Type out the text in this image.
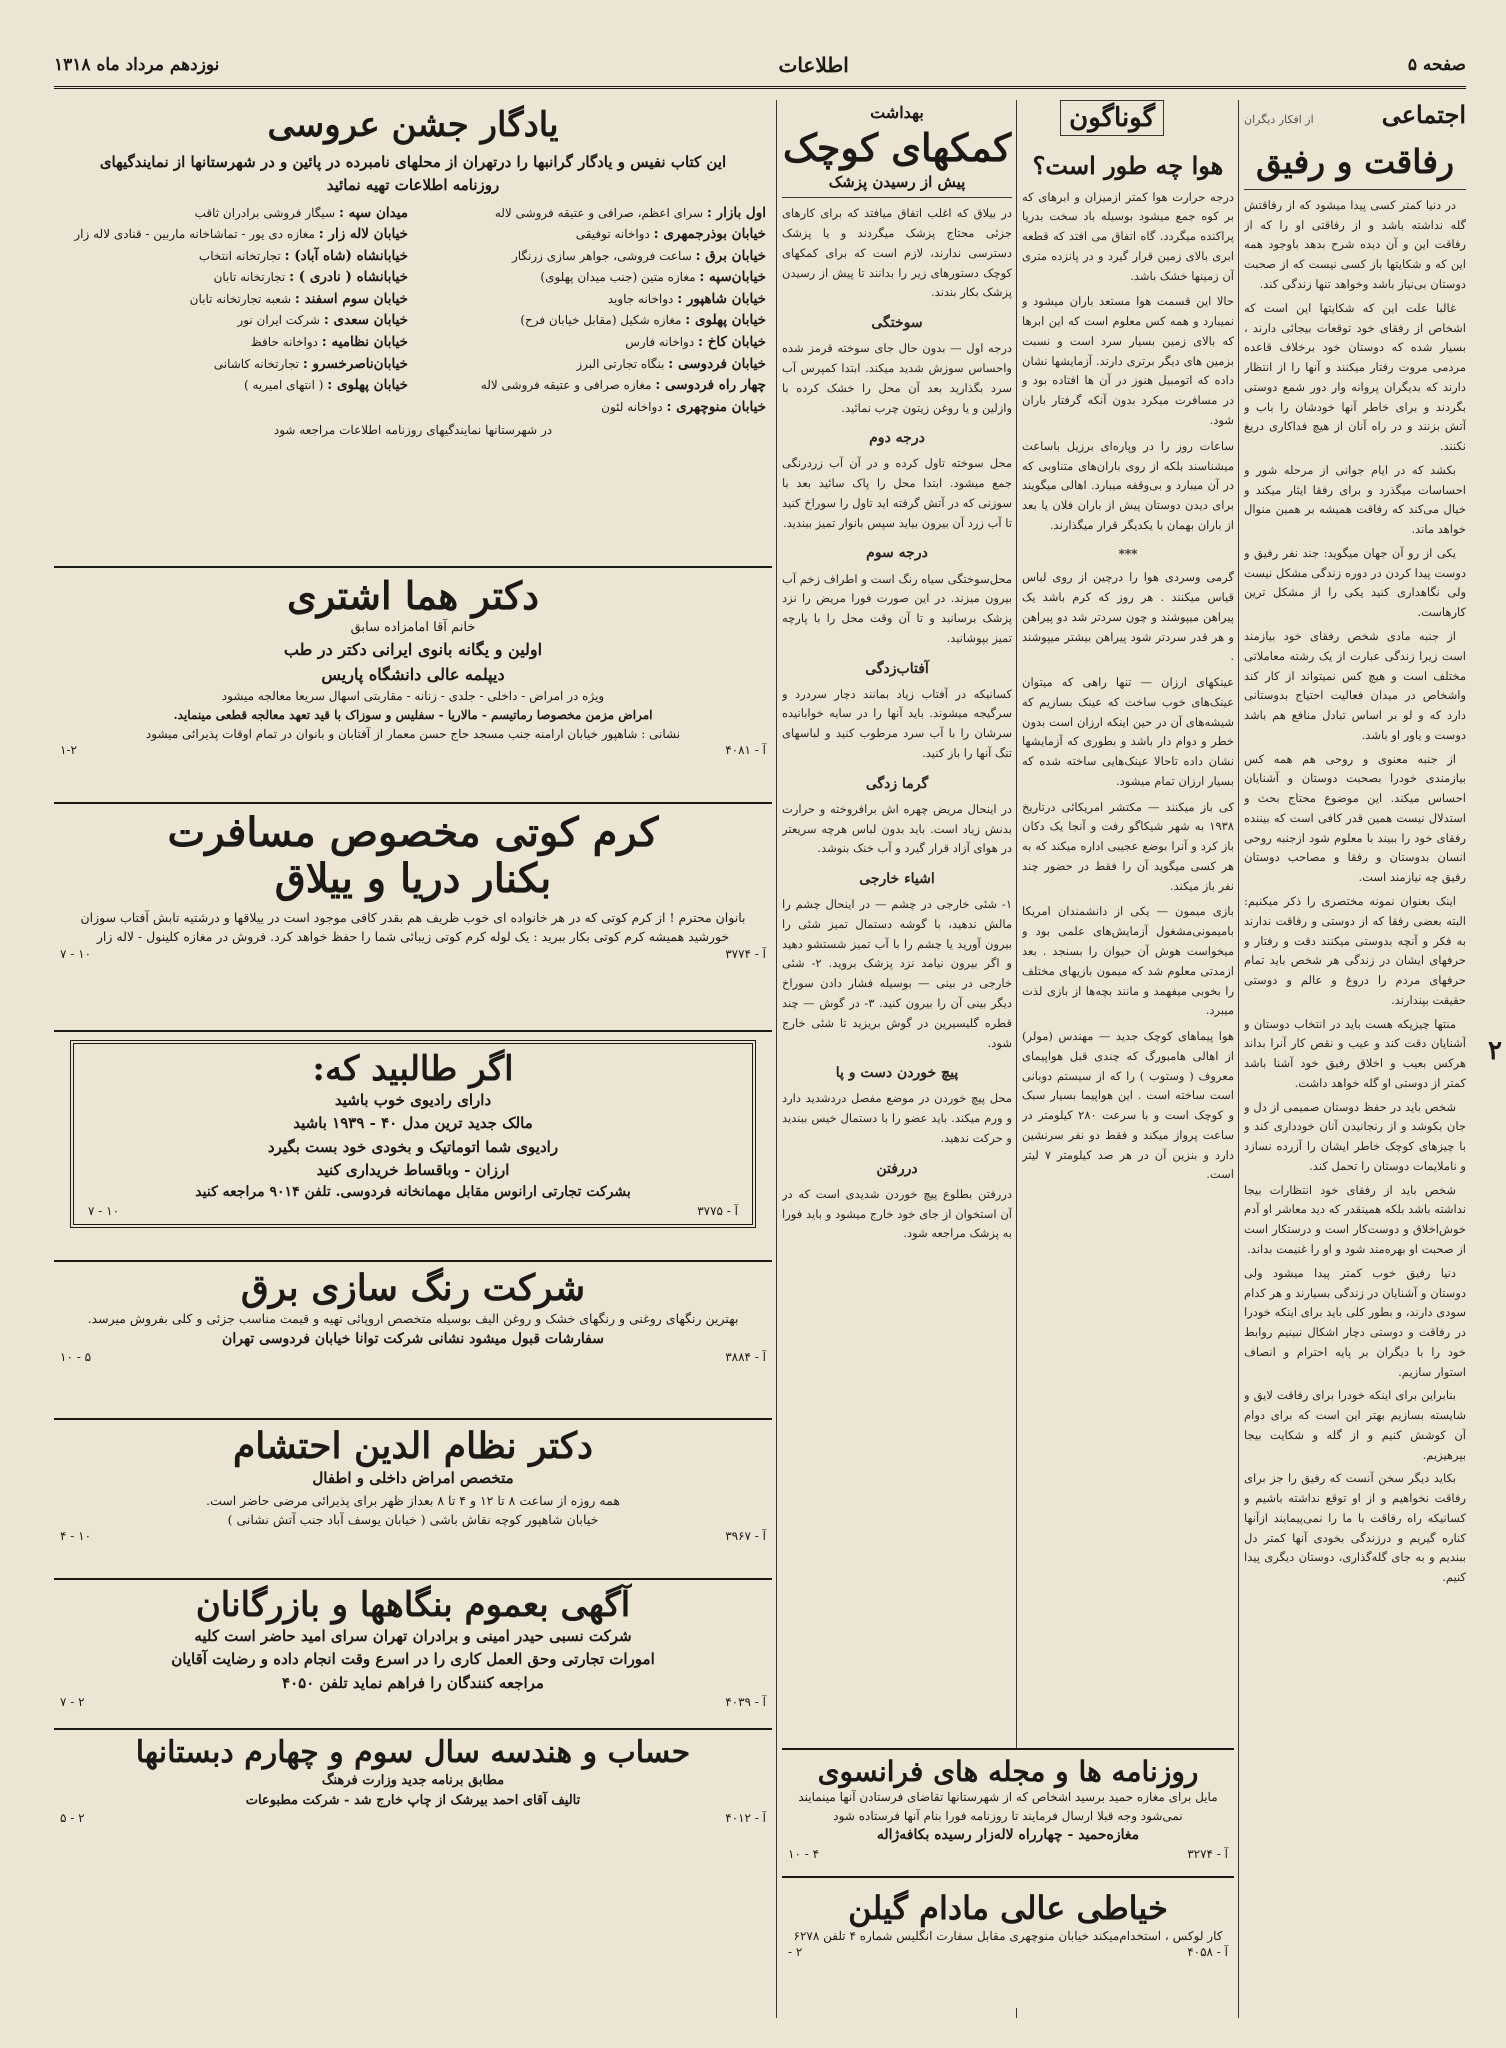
صفحه ۵
اطلاعات
نوزدهم مرداد ماه ۱۳۱۸
۲
اجتماعی
از افکار دیگران
رفاقت و رفیق

در دنیا کمتر کسی پیدا میشود که از رفاقتش گله نداشته باشد و از رفاقتی او را که از رفاقت این و آن دیده شرح بدهد باوجود همه این که و شکایتها باز کسی نیست که از صحبت دوستان بی‌نیاز باشد وخواهد تنها زندگی کند.

غالبا علت این که شکایتها این است که اشخاص از رفقای خود توقعات بیجائی دارند ، بسیار شده که دوستان خود برخلاف قاعده مردمی مروت رفتار میکنند و آنها را از انتظار دارند که بدیگران پروانه وار دور شمع دوستی بگردند و برای خاطر آنها خودشان را باب و آتش بزنند و در راه آنان از هیچ فداکاری دریغ نکنند.

بکشد که در ایام جوانی از مرحله شور و احساسات میگذرد و برای رفقا ایثار میکند و خیال می‌کند که رفاقت همیشه بر همین منوال خواهد ماند.

یکی از رو آن جهان میگوید: جند نفر رفیق و دوست پیدا کردن در دوره زندگی مشکل نیست ولی نگاهداری کنید یکی را از مشکل ترین کارهاست.

از جنبه مادی شخص رفقای خود بیازمند است زیرا زندگی عبارت از یک رشته معاملاتی مختلف است و هیچ کس نمیتواند از کار کند واشخاص در میدان فعالیت احتیاج بدوستانی دارد که و لو بر اساس تبادل منافع هم باشد دوست و یاور او باشد.

از جنبه معنوی و روحی هم همه کس بیازمندی خودرا بصحبت دوستان و آشنایان احساس میکند. این موضوع محتاج بحث و استدلال نیست همین قدر کافی است که بیننده رفقای خود را ببیند با معلوم شود ازجنبه روحی انسان بدوستان و رفقا و مصاحب دوستان رفیق چه نیازمند است.

اینک بعنوان نمونه مختصری را ذکر میکنیم: البته بعضی رفقا که از دوستی و رفاقت ندارند به فکر و آنچه بدوستی میکنند دقت و رفتار و حرفهای ایشان در زندگی هر شخص باید تمام حرفهای مردم را دروغ و عالم و دوستی حقیقت بپندارند.

منتها چیزیکه هست باید در انتخاب دوستان و آشنایان دقت کند و عیب و نقص کار آنرا بداند هرکس بعیب و اخلاق رفیق خود آشنا باشد کمتر از دوستی او گله خواهد داشت.

شخص باید در حفظ دوستان صمیمی از دل و جان بکوشد و از رنجانیدن آنان خودداری کند و با چیزهای کوچک خاطر ایشان را آزرده نسازد و ناملایمات دوستان را تحمل کند.

شخص باید از رفقای خود انتظارات بیجا نداشته باشد بلکه همینقدر که دید معاشر او آدم خوش‌اخلاق و دوست‌کار است و درستکار است از صحبت او بهره‌مند شود و او را غنیمت بداند.

دنیا رفیق خوب کمتر پیدا میشود ولی دوستان و آشنایان در زندگی بسیارند و هر کدام سودی دارند، و بطور کلی باید برای اینکه خودرا در رفاقت و دوستی دچار اشکال نبینیم روابط خود را با دیگران بر پایه احترام و انصاف استوار سازیم.

بنابراین برای اینکه خودرا برای رفاقت لایق و شایسته بسازیم بهتر این است که برای دوام آن کوشش کنیم و از گله و شکایت بیجا بپرهیزیم.

بکاید دیگر سخن آنست که رفیق را جز برای رفاقت نخواهیم و از او توقع نداشته باشیم و کسانیکه راه رفاقت با ما را نمی‌پیمایند ازآنها کناره گیریم و درزندگی بخودی آنها کمتر دل ببندیم و به جای گله‌گذاری، دوستان دیگری پیدا کنیم.

گوناگون
هوا چه طور است؟

درجه حرارت هوا کمتر ازمیزان و ابرهای که بر کوه جمع میشود بوسیله باد سخت بدریا پراکنده میگردد. گاه اتفاق می افتد که قطعه ابری بالای زمین قرار گیرد و در پانزده متری آن زمینها خشک باشد.

حالا این قسمت هوا مستعد باران میشود و نمیبارد و همه کس معلوم است که این ابرها که بالای زمین بسیار سرد است و نسبت بزمین های دیگر برتری دارند. آزمایشها نشان داده که اتومبیل هنوز در آن ها افتاده بود و در مسافرت میکرد بدون آنکه گرفتار باران شود.

ساعات روز را در وپاره‌ای برزیل باساعت میشناسند بلکه از روی باران‌های متناوبی که در آن میبارد و بی‌وقفه میبارد. اهالی میگویند برای دیدن دوستان پیش از باران فلان یا بعد از باران بهمان با یکدیگر قرار میگذارند.

***

گرمی وسردی هوا را درچین از روی لباس قیاس میکنند . هر روز که کرم باشد یک پیراهن میپوشند و چون سردتر شد دو پیراهن و هر قدر سردتر شود پیراهن بیشتر میپوشند .

عینکهای ارزان — تنها راهی که میتوان عینک‌های خوب ساخت که عینک بسازیم که شیشه‌های آن در حین اینکه ارزان است بدون خطر و دوام دار باشد و بطوری که آزمایشها نشان داده تاحالا عینک‌هایی ساخته شده که بسیار ارزان تمام میشود.

کی باز میکنند — مکتشر امریکائی درتاریخ ۱۹۳۸ به شهر شیکاگو رفت و آنجا یک دکان باز کرد و آنرا بوضع عجیبی اداره میکند که به هر کسی میگوید آن را فقط در حضور چند نفر باز میکند.

بازی میمون — یکی از دانشمندان امریکا بامیمونی‌مشغول آزمایش‌های علمی بود و میخواست هوش آن حیوان را بسنجد . بعد ازمدتی معلوم شد که میمون بازیهای مختلف را بخوبی میفهمد و مانند بچه‌ها از بازی لذت میبرد.

هوا پیماهای کوچک جدید — مهندس (مولر) از اهالی هامبورگ که چندی قبل هواپیمای معروف ( وستوب ) را که از سیستم دوبانی است ساخته است . این هواپیما بسیار سبک و کوچک است و با سرعت ۲۸۰ کیلومتر در ساعت پرواز میکند و فقط دو نفر سرنشین دارد و بنزین آن در هر صد کیلومتر ۷ لیتر است.

بهداشت
کمکهای کوچک
پیش از رسیدن پزشک

در بیلاق که اغلب اتفاق میافتد که برای کارهای جزئی محتاج پزشک میگردند و یا پزشک دسترسی ندارند، لازم است که برای کمکهای کوچک دستورهای زیر را بدانند تا پیش از رسیدن پزشک بکار بندند.

سوختگی

درجه اول — بدون حال جای سوخته قرمز شده واحساس سوزش شدید میکند. ابتدا کمپرس آب سرد بگذارید بعد آن محل را خشک کرده با وازلین و یا روغن زیتون چرب نمائید.

درجه دوم

محل سوخته تاول کرده و در آن آب زردرنگی جمع میشود. ابتدا محل را پاک سائید بعد با سوزنی که در آتش گرفته اید تاول را سوراخ کنید تا آب زرد آن بیرون بیاید سپس بانوار تمیز ببندید.

درجه سوم

محل‌سوختگی سیاه رنگ است و اطراف زخم آب بیرون میزند. در این صورت فورا مریض را نزد پزشک برسانید و تا آن وقت محل را با پارچه تمیز بپوشانید.

آفتاب‌زدگی

کسانیکه در آفتاب زیاد بمانند دچار سردرد و سرگیجه میشوند. باید آنها را در سایه خوابانیده سرشان را با آب سرد مرطوب کنید و لباسهای تنگ آنها را باز کنید.

گرما زدگی

در اینحال مریض چهره اش برافروخته و حرارت بدنش زیاد است. باید بدون لباس هرچه سریعتر در هوای آزاد قرار گیرد و آب خنک بنوشد.

اشیاء خارجی

۱- شئی خارجی در چشم — در اینحال چشم را مالش ندهید، با گوشه دستمال تمیز شئی را بیرون آورید یا چشم را با آب تمیز شستشو دهید و اگر بیرون نیامد نزد پزشک بروید. ۲- شئی خارجی در بینی — بوسیله فشار دادن سوراخ دیگر بینی آن را بیرون کنید. ۳- در گوش — چند قطره گلیسیرین در گوش بریزید تا شئی خارج شود.

پیچ خوردن دست و پا

محل پیچ خوردن در موضع مفصل دردشدید دارد و ورم میکند. باید عضو را با دستمال خیس ببندید و حرکت ندهید.

دررفتن

دررفتن بطلوع پیچ خوردن شدیدی است که در آن استخوان از جای خود خارج میشود و باید فورا به پزشک مراجعه شود.

یادگار جشن عروسی
این کتاب نفیس و یادگار گرانبها را درتهران از محلهای نامبرده در پائین و در شهرستانها از نمایندگیهای روزنامه اطلاعات تهیه نمائید
اول بازار : سرای اعظم، صرافی و عتیقه فروشی لاله
میدان سپه : سیگار فروشی برادران ثاقب
خیابان بوذرجمهری : دواخانه توفیقی
خیابان لاله زار : مغازه دی یور - تماشاخانه ماربین - قنادی لاله زار
خیابان برق : ساعت فروشی، جواهر سازی زرنگار
خیابانشاه (شاه آباد) : تجارتخانه انتخاب
خیابان‌سپه : مغازه متین (جنب میدان پهلوی)
خیابانشاه ( نادری ) : تجارتخانه تابان
خیابان شاهپور : دواخانه جاوید
خیابان سوم اسفند : شعبه تجارتخانه تابان
خیابان پهلوی : مغازه شکیل (مقابل خیابان فرح)
خیابان سعدی : شرکت ایران نور
خیابان کاخ : دواخانه فارس
خیابان نظامیه : دواخانه حافظ
خیابان فردوسی : بنگاه تجارتی البرز
خیابان‌ناصرخسرو : تجارتخانه کاشانی
چهار راه فردوسی : مغازه صرافی و عتیقه فروشی لاله
خیابان پهلوی : ( انتهای امیریه )
خیابان منوچهری : دواخانه لئون
در شهرستانها نمایندگیهای روزنامه اطلاعات مراجعه شود
دکتر هما اشتری
خانم آقا امامزاده سابق
اولین و یگانه بانوی ایرانی دکتر در طب
دیپلمه عالی دانشگاه پاریس
ویژه در امراض - داخلی - جلدی - زنانه - مقاربتی اسهال سریعا معالجه میشود
امراض مزمن مخصوصا رماتیسم - مالاریا - سفلیس و سوزاک با قید تعهد معالجه قطعی مینماید.
نشانی : شاهپور خیابان ارامنه جنب مسجد حاج حسن معمار از آفتابان و بانوان در تمام اوقات پذیرائی میشود
آ - ۴۰۸۱
۱-۲
کرم کوتی مخصوص مسافرت
بکنار دریا و ییلاق
بانوان محترم ! از کرم کوتی که در هر خانواده ای خوب ظریف هم بقدر کافی موجود است در ییلاقها و درشتیه تابش آفتاب سوزان خورشید همیشه کرم کوتی بکار ببرید : یک لوله کرم کوتی زیبائی شما را حفظ خواهد کرد. فروش در مغازه کلینول - لاله زار
آ - ۳۷۷۴
۱۰ - ۷
اگر طالبید که:
دارای رادیوی خوب باشید
مالک جدید ترین مدل ۴۰ - ۱۹۳۹ باشید
رادیوی شما اتوماتیک و بخودی خود بست بگیرد
ارزان - وباقساط خریداری کنید
بشرکت تجارتی ارانوس مقابل مهمانخانه فردوسی. تلفن ۹۰۱۴ مراجعه کنید
آ - ۳۷۷۵
۱۰ - ۷
شرکت رنگ سازی برق
بهترین رنگهای روغنی و رنگهای خشک و روغن الیف بوسیله متخصص اروپائی تهیه و قیمت مناسب جزئی و کلی بفروش میرسد.
سفارشات قبول میشود نشانی شرکت توانا خیابان فردوسی تهران
آ - ۳۸۸۴
۵ - ۱۰
دکتر نظام الدین احتشام
متخصص امراض داخلی و اطفال
همه روزه از ساعت ۸ تا ۱۲ و ۴ تا ۸ بعداز ظهر برای پذیرائی مرضی حاضر است.
خیابان شاهپور کوچه نقاش باشی ( خیابان یوسف آباد جنب آتش نشانی )
آ - ۳۹۶۷
۱۰ - ۴
آگهی بعموم بنگاهها و بازرگانان
شرکت نسبی حیدر امینی و برادران تهران سرای امید حاضر است کلیه
امورات تجارتی وحق العمل کاری را در اسرع وقت انجام داده و رضایت آقایان
مراجعه کنندگان را فراهم نماید تلفن ۴۰۵۰
آ - ۴۰۳۹
۲ - ۷
حساب و هندسه سال سوم و چهارم دبستانها
مطابق برنامه جدید وزارت فرهنگ
تالیف آقای احمد بیرشک از چاپ خارج شد - شرکت مطبوعات
آ - ۴۰۱۲
۲ - ۵
روزنامه ها و مجله های فرانسوی
مایل برای مغازه حمید برسید اشخاص که از شهرستانها تقاضای فرستادن آنها مینمایند نمی‌شود وجه قبلا ارسال فرمایند تا روزنامه فورا بنام آنها فرستاده شود
مغازه‌حمید - چهارراه لاله‌زار رسیده بکافه‌ژاله
آ - ۳۲۷۴
۴ - ۱۰
خیاطی عالی مادام گیلن
کار لوکس ، استخدام‌میکند خیابان منوچهری مقابل سفارت انگلیس شماره ۴ تلفن ۶۲۷۸
آ - ۴۰۵۸
۲ -
